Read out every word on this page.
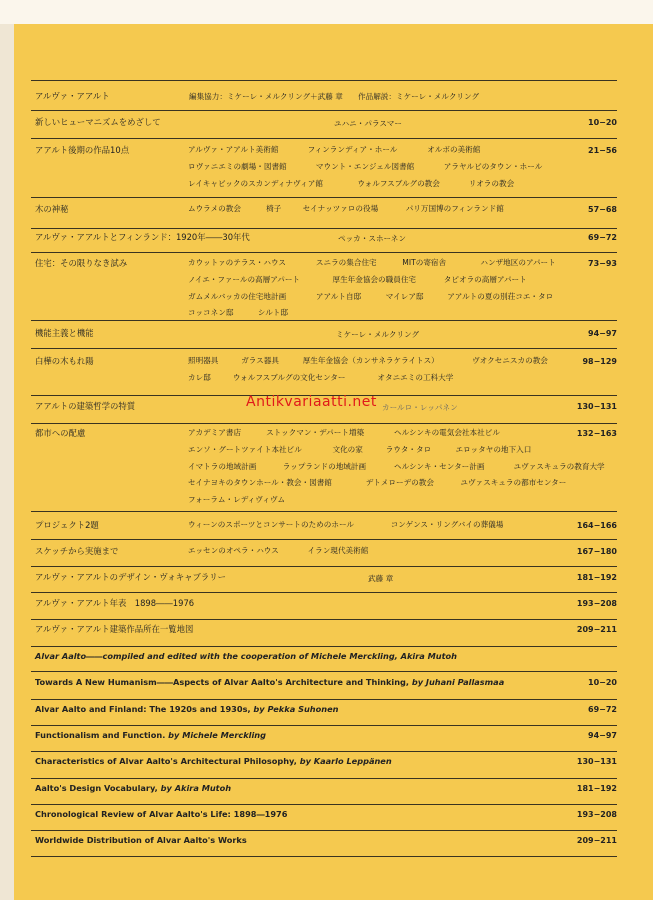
アルヴァ・アアルト	編集協力：ミケーレ・メルクリング＋武藤 章　　作品解説：ミケーレ・メルクリング
新しいヒューマニズムをめざして	10−20
ユハニ・パラスマー
アアルト後期の作品10点	21−56
アルヴァ・アアルト美術館	フィンランディア・ホール	オルボの美術館
ロヴァニエミの劇場・図書館	マウント・エンジェル図書館	アラヤルビのタウン・ホール
レイキャビックのスカンディナヴィア館	ウォルフスブルグの教会	リオラの教会
木の神秘	57−68
ムウラメの教会	椅子	セイナッツァロの役場	パリ万国博のフィンランド館
アルヴァ・アアルトとフィンランド：1920年――30年代	69−72
ペッカ・スホーネン
住宅：その限りなき試み	73−93
カウットァのテラス・ハウス	スニラの集合住宅	MITの寄宿舎	ハンザ地区のアパート
ノイエ・ファールの高層アパート	厚生年金協会の職員住宅	タピオラの高層アパート
ガムメルバッカの住宅地計画	アアルト自邸	マイレア邸	アアルトの夏の別荘コエ・タロ
コッコネン邸	シルト邸
機能主義と機能	94−97
ミケーレ・メルクリング
白樺の木もれ陽	98−129
照明器具	ガラス器具	厚生年金協会（カンサネラケライトス）	ヴオクセニスカの教会
カレ邸	ウォルフスブルグの文化センター	オタニエミの工科大学
アアルトの建築哲学の特質	130−131
カールロ・レッパネン
都市への配慮	132−163
アカデミア書店	ストックマン・デパート増築	ヘルシンキの電気会社本社ビル
エンソ・グートツァイト本社ビル	文化の家	ラウタ・タロ	エロッタヤの地下入口
イマトラの地域計画	ラップランドの地域計画	ヘルシンキ・センター計画	ユヴァスキュラの教育大学
セイナヨキのタウンホール・教会・図書館	デトメローデの教会	ユヴァスキュラの都市センター
フォーラム・レディヴィヴム
プロジェクト2題	164−166
ウィーンのスポーツとコンサートのためのホール	コンゲンス・リングバイの葬儀場
スケッチから実施まで	167−180
エッセンのオペラ・ハウス	イラン現代美術館
アルヴァ・アアルトのデザイン・ヴォキャブラリー	181−192
武藤 章
アルヴァ・アアルト年表　1898――1976	193−208
アルヴァ・アアルト建築作品所在一覧地図	209−211
Alvar Aalto――compiled and edited with the cooperation of Michele Merckling, Akira Mutoh
Towards A New Humanism――Aspects of Alvar Aalto's Architecture and Thinking, by Juhani Pallasmaa	10−20
Alvar Aalto and Finland: The 1920s and 1930s, by Pekka Suhonen	69−72
Functionalism and Function. by Michele Merckling	94−97
Characteristics of Alvar Aalto's Architectural Philosophy, by Kaarlo Leppänen	130−131
Aalto's Design Vocabulary, by Akira Mutoh	181−192
Chronological Review of Alvar Aalto's Life: 1898―1976	193−208
Worldwide Distribution of Alvar Aalto's Works	209−211
Antikvariaatti.net
